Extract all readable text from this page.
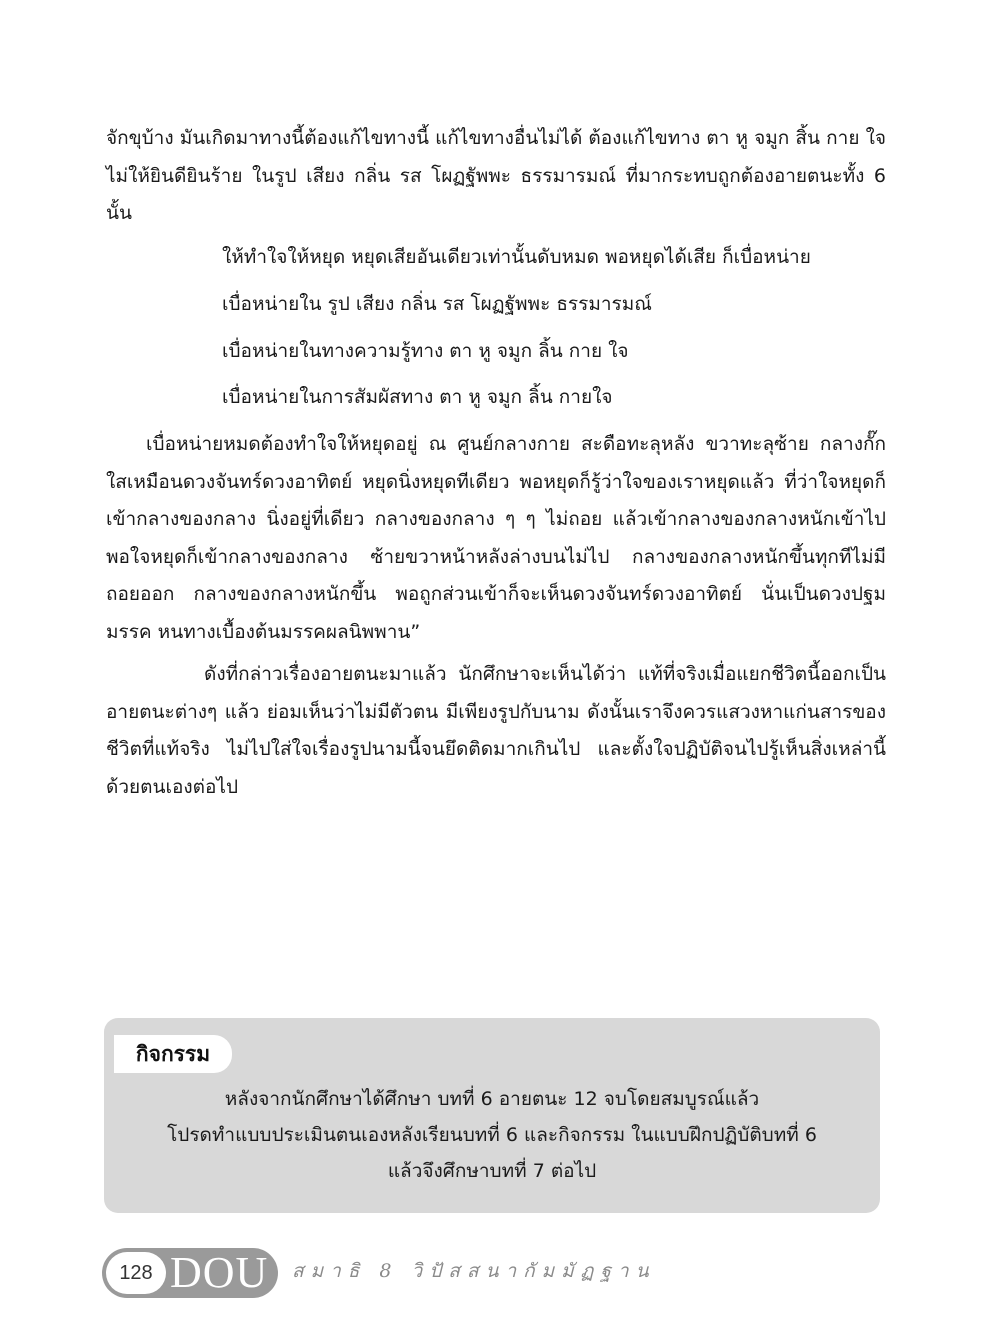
จักขุบ้าง มันเกิดมาทางนี้ต้องแก้ไขทางนี้ แก้ไขทางอื่นไม่ได้ ต้องแก้ไขทาง ตา หู จมูก สิ้น กาย ใจ ไม่ให้ยินดียินร้าย ในรูป เสียง กลิ่น รส โผฏฐัพพะ ธรรมารมณ์ ที่มากระทบถูกต้องอายตนะทั้ง 6 นั้น

ให้ทำใจให้หยุด หยุดเสียอันเดียวเท่านั้นดับหมด พอหยุดได้เสีย ก็เบื่อหน่าย

เบื่อหน่ายใน รูป เสียง กลิ่น รส โผฏฐัพพะ ธรรมารมณ์

เบื่อหน่ายในทางความรู้ทาง ตา หู จมูก ลิ้น กาย ใจ

เบื่อหน่ายในการสัมผัสทาง ตา หู จมูก ลิ้น กายใจ

เบื่อหน่ายหมดต้องทำใจให้หยุดอยู่ ณ ศูนย์กลางกาย สะดือทะลุหลัง ขวาทะลุซ้าย กลางกั๊ก ใสเหมือนดวงจันทร์ดวงอาทิตย์ หยุดนิ่งหยุดทีเดียว พอหยุดก็รู้ว่าใจของเราหยุดแล้ว ที่ว่าใจหยุดก็เข้ากลางของกลาง นิ่งอยู่ที่เดียว กลางของกลาง ๆ ๆ ไม่ถอย แล้วเข้ากลางของกลางหนักเข้าไป พอใจหยุดก็เข้ากลางของกลาง ซ้ายขวาหน้าหลังล่างบนไม่ไป กลางของกลางหนักขึ้นทุกทีไม่มีถอยออก กลางของกลางหนักขึ้น พอถูกส่วนเข้าก็จะเห็นดวงจันทร์ดวงอาทิตย์ นั่นเป็นดวงปฐมมรรค หนทางเบื้องต้นมรรคผลนิพพาน”

ดังที่กล่าวเรื่องอายตนะมาแล้ว นักศึกษาจะเห็นได้ว่า แท้ที่จริงเมื่อแยกชีวิตนี้ออกเป็นอายตนะต่างๆ แล้ว ย่อมเห็นว่าไม่มีตัวตน มีเพียงรูปกับนาม ดังนั้นเราจึงควรแสวงหาแก่นสารของชีวิตที่แท้จริง ไม่ไปใส่ใจเรื่องรูปนามนี้จนยึดติดมากเกินไป และตั้งใจปฏิบัติจนไปรู้เห็นสิ่งเหล่านี้ด้วยตนเองต่อไป

กิจกรรม

หลังจากนักศึกษาได้ศึกษา บทที่ 6 อายตนะ 12 จบโดยสมบูรณ์แล้ว

โปรดทำแบบประเมินตนเองหลังเรียนบทที่ 6 และกิจกรรม ในแบบฝึกปฏิบัติบทที่ 6

แล้วจึงศึกษาบทที่ 7 ต่อไป

128 DOU สมาธิ 8 วิปัสสนากัมมัฏฐาน
